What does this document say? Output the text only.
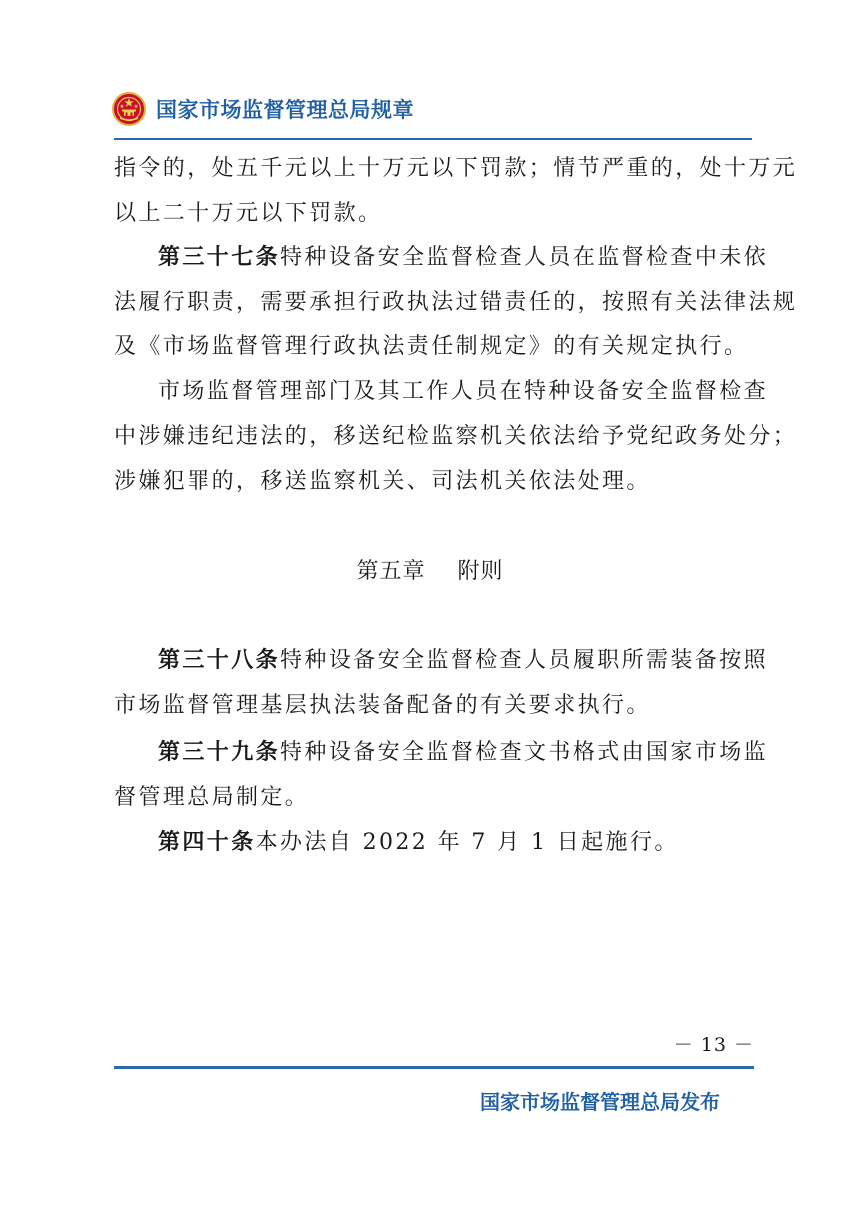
国家市场监督管理总局规章

指令的，处五千元以上十万元以下罚款；情节严重的，处十万元

以上二十万元以下罚款。

第三十七条特种设备安全监督检查人员在监督检查中未依

法履行职责，需要承担行政执法过错责任的，按照有关法律法规

及《市场监督管理行政执法责任制规定》的有关规定执行。

市场监督管理部门及其工作人员在特种设备安全监督检查

中涉嫌违纪违法的，移送纪检监察机关依法给予党纪政务处分；

涉嫌犯罪的，移送监察机关、司法机关依法处理。

第五章    附则

第三十八条特种设备安全监督检查人员履职所需装备按照

市场监督管理基层执法装备配备的有关要求执行。

第三十九条特种设备安全监督检查文书格式由国家市场监

督管理总局制定。

第四十条本办法自 2022 年 7 月 1 日起施行。

－ 13 －
国家市场监督管理总局发布
